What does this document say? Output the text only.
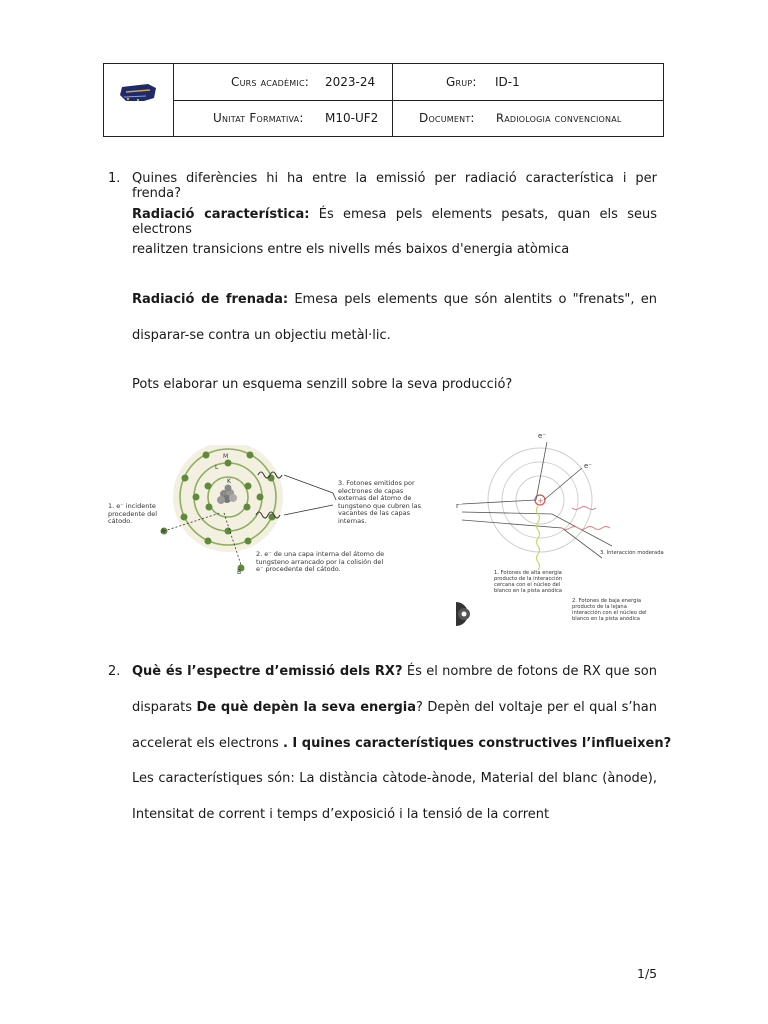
Curs acadèmic: 2023-24	Grup: ID-1
Unitat Formativa: M10-UF2	Document: Radiologia convencional
1. Quines diferències hi ha entre la emissió per radiació característica i per frenda?
Radiació característica: És emesa pels elements pesats, quan els seus electrons
realitzen transicions entre els nivells més baixos d'energia atòmica
Radiació de frenada: Emesa pels elements que són alentits o "frenats", en
disparar-se contra un objectiu metàl·lic.
Pots elaborar un esquema senzill sobre la seva producció?
M
L
K
A
B
1. e⁻ incidente procedente del cátodo.
2. e⁻ de una capa interna del átomo de tungsteno arrancado por la colisión del e⁻ procedente del cátodo.
3. Fotones emitidos por electrones de capas externas del átomo de tungsteno que cubren las vacantes de las capas internas.
+
e⁻
e⁻
r⁻
3. Interacción moderada
1. Fotones de alta energía producto de la interacción cercana con el núcleo del blanco en la pista anódica
2. Fotones de baja energía producto de la lejana interacción con el núcleo del blanco en la pista anódica
2. Què és l’espectre d’emissió dels RX? És el nombre de fotons de RX que son
disparats De què depèn la seva energia? Depèn del voltaje per el qual s’han
accelerat els electrons . I quines característiques constructives l’influeixen?
Les característiques són: La distància càtode-ànode, Material del blanc (ànode),
Intensitat de corrent i temps d’exposició i la tensió de la corrent
1/5
